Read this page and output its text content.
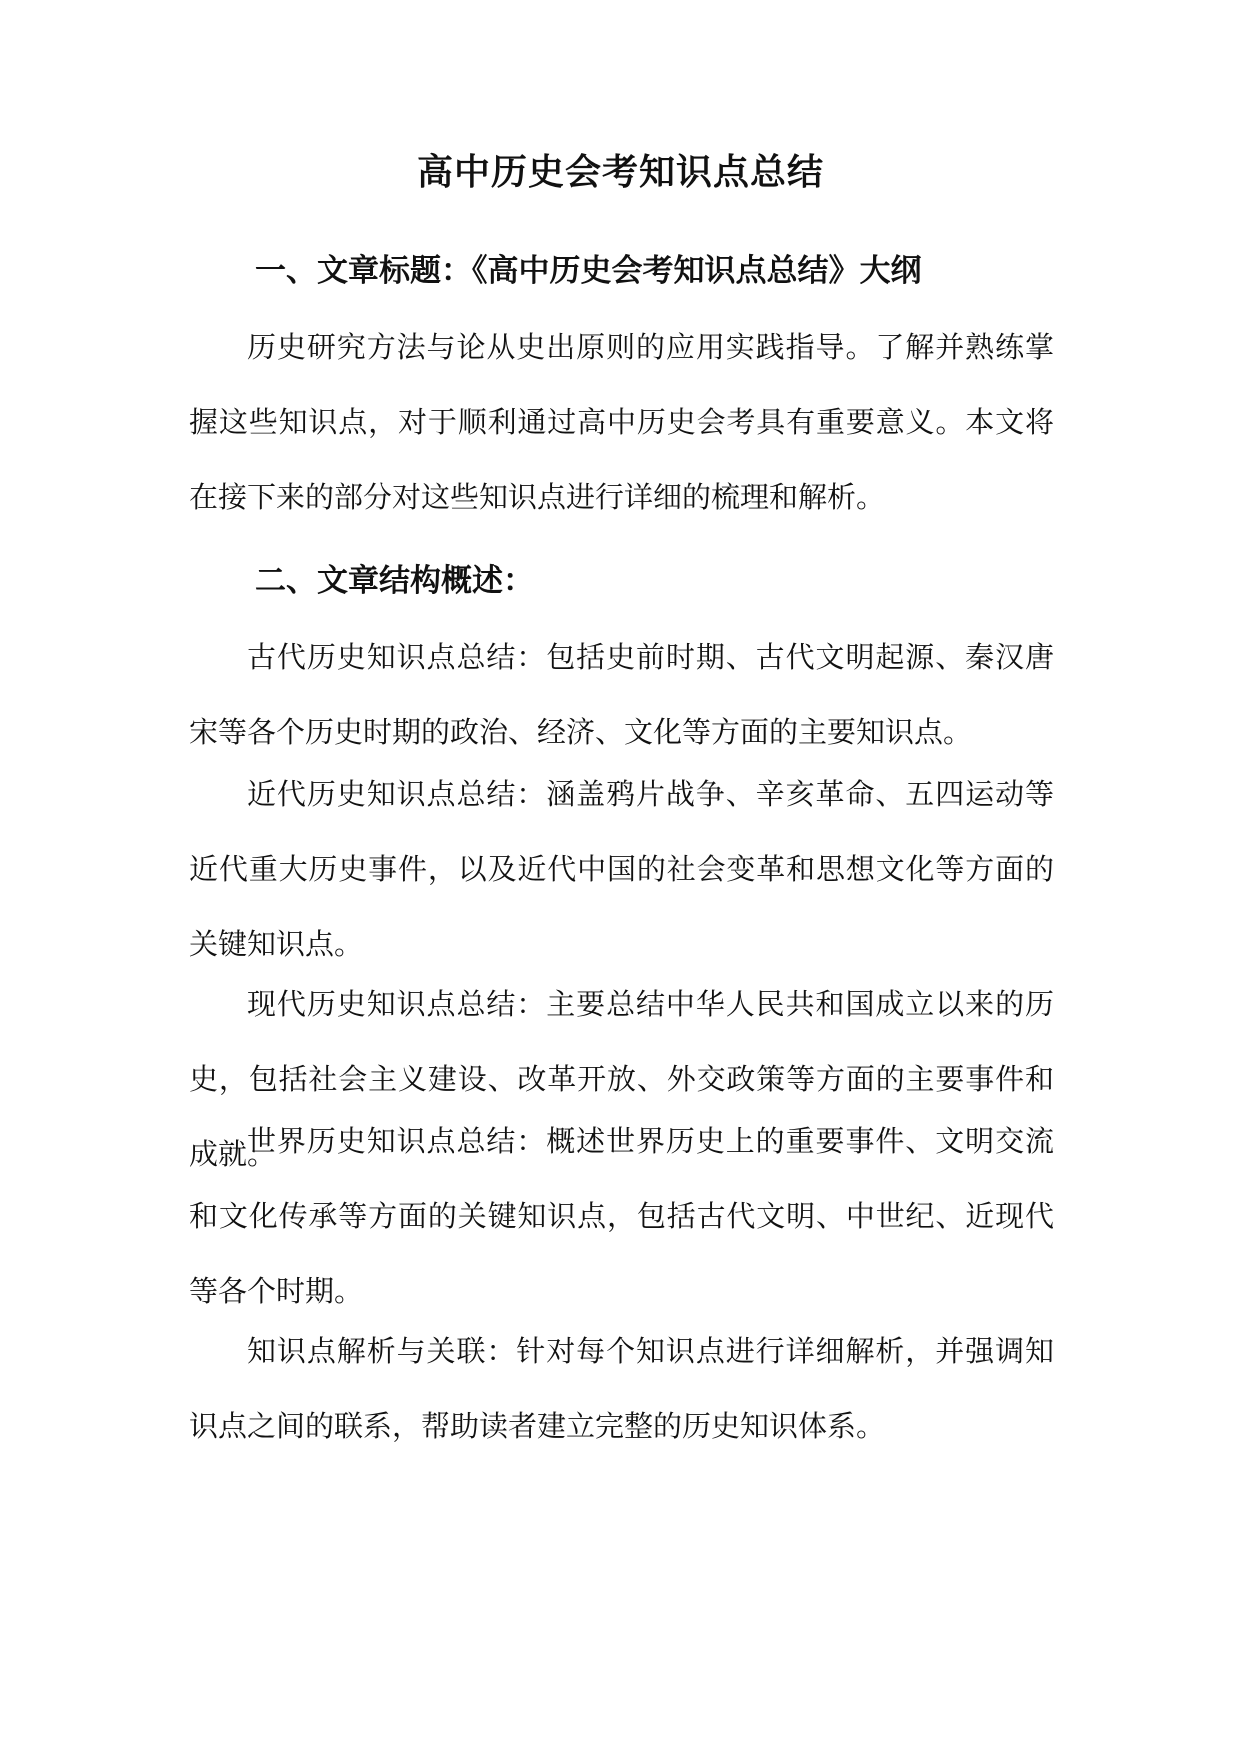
高中历史会考知识点总结
一、文章标题：《高中历史会考知识点总结》大纲

历史研究方法与论从史出原则的应用实践指导。了解并熟练掌握这些知识点，对于顺利通过高中历史会考具有重要意义。本文将在接下来的部分对这些知识点进行详细的梳理和解析。

二、文章结构概述：

古代历史知识点总结：包括史前时期、古代文明起源、秦汉唐宋等各个历史时期的政治、经济、文化等方面的主要知识点。

近代历史知识点总结：涵盖鸦片战争、辛亥革命、五四运动等近代重大历史事件，以及近代中国的社会变革和思想文化等方面的关键知识点。

现代历史知识点总结：主要总结中华人民共和国成立以来的历史，包括社会主义建设、改革开放、外交政策等方面的主要事件和成就。

世界历史知识点总结：概述世界历史上的重要事件、文明交流和文化传承等方面的关键知识点，包括古代文明、中世纪、近现代等各个时期。

知识点解析与关联：针对每个知识点进行详细解析，并强调知识点之间的联系，帮助读者建立完整的历史知识体系。
